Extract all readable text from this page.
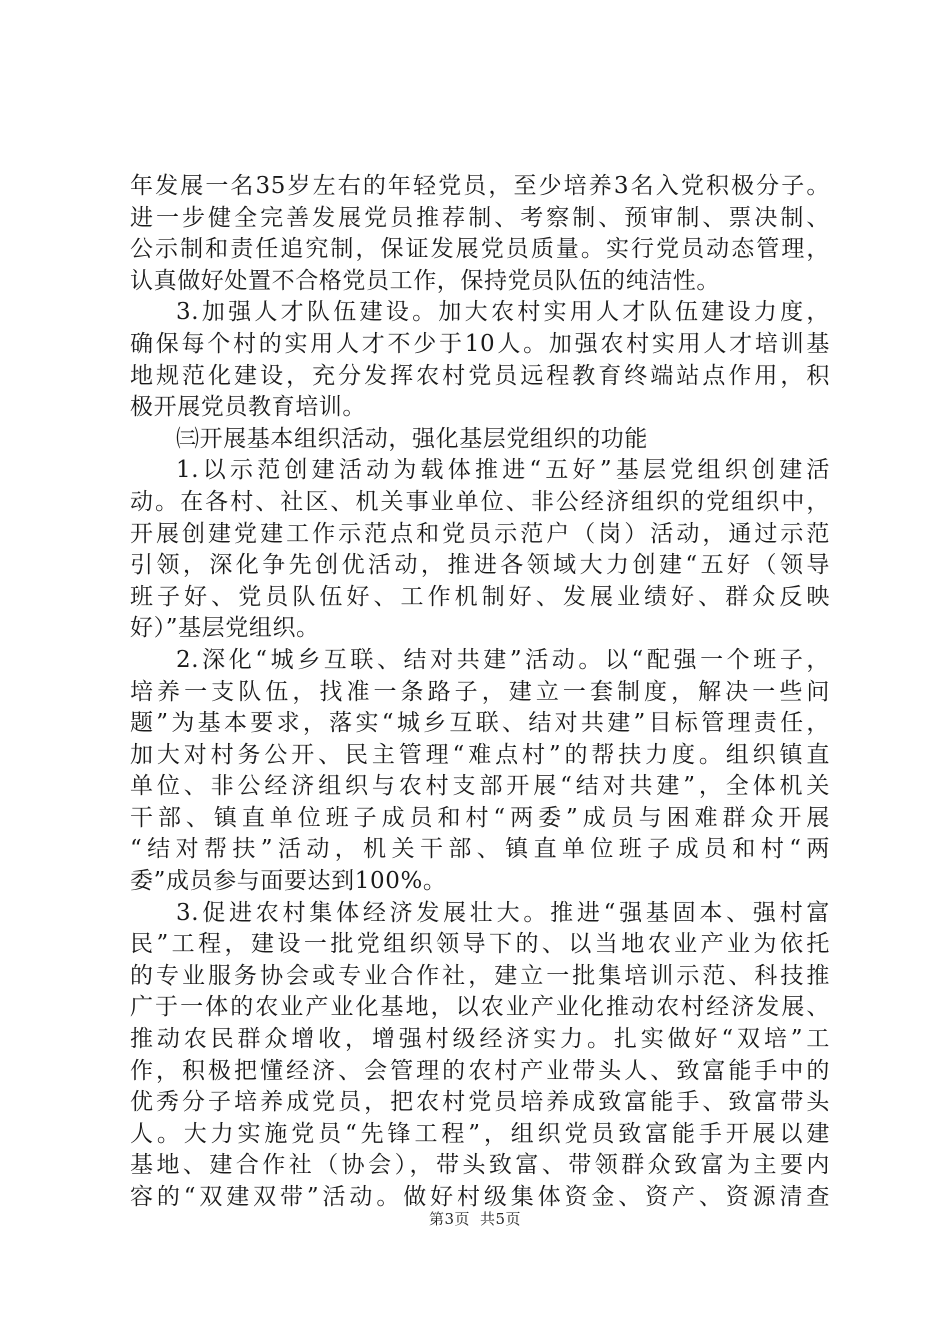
年发展一名35岁左右的年轻党员，至少培养3名入党积极分子。
进一步健全完善发展党员推荐制、考察制、预审制、票决制、
公示制和责任追究制，保证发展党员质量。实行党员动态管理，
认真做好处置不合格党员工作，保持党员队伍的纯洁性。
3.加强人才队伍建设。加大农村实用人才队伍建设力度，
确保每个村的实用人才不少于10人。加强农村实用人才培训基
地规范化建设，充分发挥农村党员远程教育终端站点作用，积
极开展党员教育培训。
㈢开展基本组织活动，强化基层党组织的功能
1.以示范创建活动为载体推进“五好”基层党组织创建活
动。在各村、社区、机关事业单位、非公经济组织的党组织中，
开展创建党建工作示范点和党员示范户（岗）活动，通过示范
引领，深化争先创优活动，推进各领域大力创建“五好（领导
班子好、党员队伍好、工作机制好、发展业绩好、群众反映
好）”基层党组织。
2.深化“城乡互联、结对共建”活动。以“配强一个班子，
培养一支队伍，找准一条路子，建立一套制度，解决一些问
题”为基本要求，落实“城乡互联、结对共建”目标管理责任，
加大对村务公开、民主管理“难点村”的帮扶力度。组织镇直
单位、非公经济组织与农村支部开展“结对共建”，全体机关
干部、镇直单位班子成员和村“两委”成员与困难群众开展
“结对帮扶”活动，机关干部、镇直单位班子成员和村“两
委”成员参与面要达到100%。
3.促进农村集体经济发展壮大。推进“强基固本、强村富
民”工程，建设一批党组织领导下的、以当地农业产业为依托
的专业服务协会或专业合作社，建立一批集培训示范、科技推
广于一体的农业产业化基地，以农业产业化推动农村经济发展、
推动农民群众增收，增强村级经济实力。扎实做好“双培”工
作，积极把懂经济、会管理的农村产业带头人、致富能手中的
优秀分子培养成党员，把农村党员培养成致富能手、致富带头
人。大力实施党员“先锋工程”，组织党员致富能手开展以建
基地、建合作社（协会），带头致富、带领群众致富为主要内
容的“双建双带”活动。做好村级集体资金、资产、资源清查
第3页 共5页
